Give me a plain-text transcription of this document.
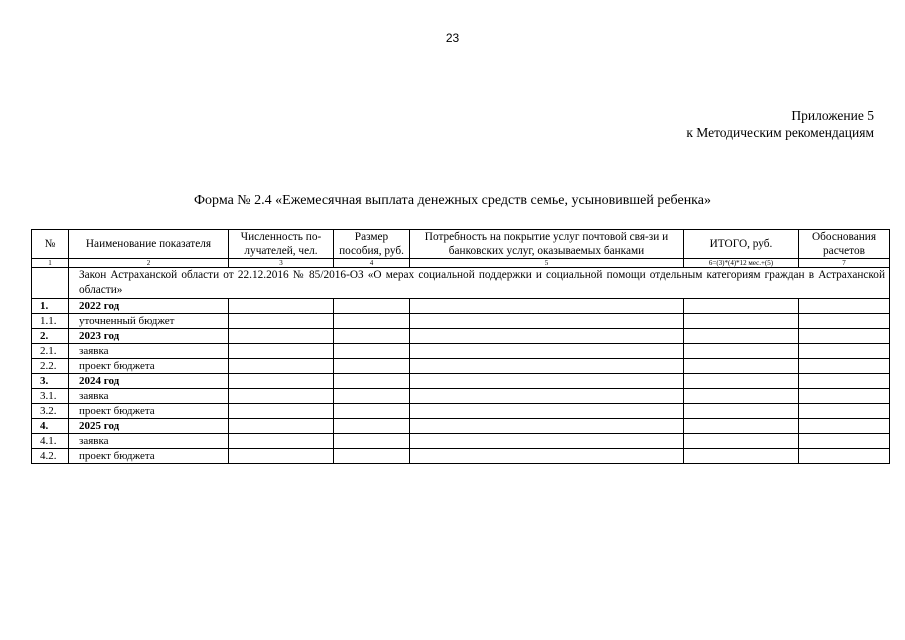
23
Приложение 5
к Методическим рекомендациям
Форма № 2.4 «Ежемесячная выплата денежных средств семье, усыновившей ребенка»
№	Наименование показателя	Численность по-лучателей, чел.	Размер пособия, руб.	Потребность на покрытие услуг почтовой свя-зи и банковских услуг, оказываемых банками	ИТОГО, руб.	Обоснования расчетов
1	2	3	4	5	6=(3)*(4)*12 мес.+(5)	7
	Закон Астраханской области от 22.12.2016 № 85/2016-ОЗ «О мерах социальной поддержки и социальной помощи отдельным категориям граждан в Астраханской области»					
1.	2022 год					
1.1.	уточненный бюджет					
2.	2023 год					
2.1.	заявка					
2.2.	проект бюджета					
3.	2024 год					
3.1.	заявка					
3.2.	проект бюджета					
4.	2025 год					
4.1.	заявка					
4.2.	проект бюджета					
